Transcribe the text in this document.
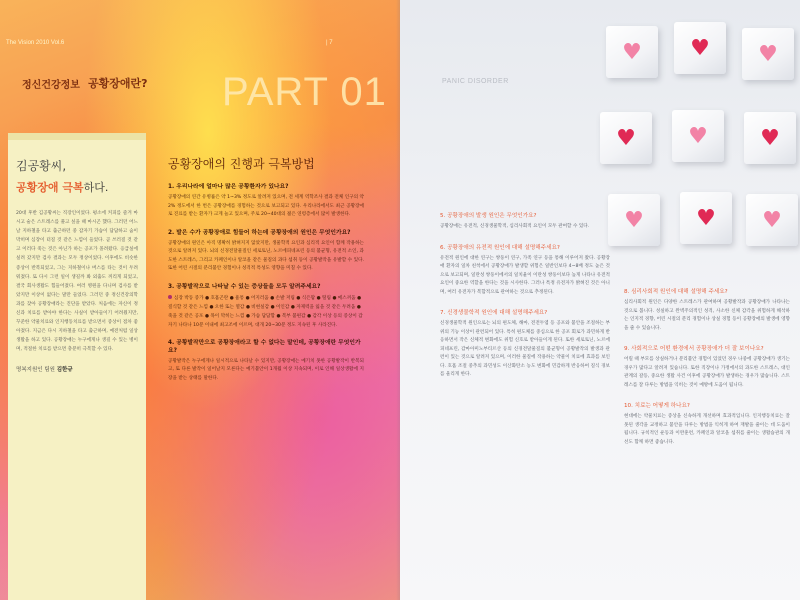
The Vision 2010 Vol.6	| 7
정신건강정보 공황장애란? PART 01
김공황씨,
공황장애 극복하다.
20대 후반 김공황씨는 직장인이었다. 평소에 커피를 즐겨 마시고 술은 스트레스를 풀고 싶을 때 마시곤 했다. 그러던 어느 날 지하철을 타고 출근하던 중 갑자기 가슴이 답답하고 숨이 막히며 심장이 터질 것 같은 느낌이 들었다. 곧 쓰러질 것 같고 이러다 죽는 것은 아닌가 하는 공포가 몰려왔다. 응급실에 실려 갔지만 검사 결과는 모두 정상이었다. 이후에도 비슷한 증상이 반복되었고, 그는 지하철이나 버스를 타는 것이 두려워졌다. 또 다시 그런 일이 생길까 봐 외출도 꺼리게 되었고, 결국 회사생활도 힘들어졌다. 여러 병원을 다니며 검사를 받았지만 이상이 없다는 말만 들었다. 그러던 중 정신건강의학과를 찾아 공황장애라는 진단을 받았다. 처음에는 자신이 정신과 치료를 받아야 한다는 사실이 받아들이기 어려웠지만, 꾸준한 약물치료와 인지행동치료를 받으면서 증상이 점차 좋아졌다. 지금은 다시 지하철을 타고 출근하며, 예전처럼 일상생활을 하고 있다. 공황장애는 누구에게나 생길 수 있는 병이며, 적절한 치료를 받으면 충분히 극복할 수 있다.
명복지원인 팀원 김한규
공황장애의 진행과 극복방법
1. 우리나라에 얼마나 많은 공황환자가 있나요?
공황장애의 연간 유병률은 약 1~3% 정도로 알려져 있으며, 전 세계 역학조사 결과 전체 인구의 약 2% 정도에서 한 번은 공황장애를 경험하는 것으로 보고되고 있다. 우리나라에서도 최근 공황장애로 진료를 받는 환자가 크게 늘고 있으며, 주로 20~40대의 젊은 연령층에서 많이 발생한다.
2. 발은 수가 공황장애로 힘들어 하는데 공황장애의 원인은 무엇인가요?
공황장애의 원인은 아직 명확히 밝혀지지 않았지만, 생물학적 요인과 심리적 요인이 함께 작용하는 것으로 알려져 있다. 뇌의 신경전달물질인 세로토닌, 노르에피네프린 등의 불균형, 유전적 소인, 과도한 스트레스, 그리고 카페인이나 알코올 같은 물질의 과다 섭취 등이 공황발작을 유발할 수 있다. 또한 어린 시절의 분리불안 경험이나 성격적 특성도 영향을 미칠 수 있다.
3. 공황발작으로 나타날 수 있는 증상들을 모두 알려주세요?
심장 박동 증가 ● 호흡곤란 ● 흉통 ● 어지러움 ● 손발 저림 ● 식은땀 ● 떨림 ● 메스꺼움 ● 질식할 것 같은 느낌 ● 오한 또는 열감 ● 비현실감 ● 이인감 ● 자제력을 잃을 것 같은 두려움 ● 죽을 것 같은 공포 ● 목이 막히는 느낌 ● 가슴 답답함 ● 복부 불편감 ● 감각 이상 등의 증상이 갑자기 나타나 10분 이내에 최고조에 이르며, 대개 20~30분 정도 지속된 후 사라진다.
4. 공황발작만으로 공황장애라고 할 수 없다는 말인데, 공황장애란 무엇인가요?
공황발작은 누구에게나 일시적으로 나타날 수 있지만, 공황장애는 예기치 못한 공황발작이 반복되고, 또 다른 발작이 일어날지 모른다는 예기불안이 1개월 이상 지속되며, 이로 인해 일상생활에 지장을 받는 상태를 말한다.
PANIC DISORDER
♥ ♥ ♥
♥ ♥ ♥
♥ ♥ ♥
5. 공황장애의 발생 원인은 무엇인가요?
공황장애는 유전적, 신경생물학적, 심리사회적 요인이 모두 관여할 수 있다.
6. 공황장애의 유전적 원인에 대해 설명해주세요?
유전적 원인에 대한 연구는 쌍둥이 연구, 가족 연구 등을 통해 이루어져 왔다. 공황장애 환자의 일차 친척에서 공황장애가 발생할 위험은 일반인보다 4~8배 정도 높은 것으로 보고되며, 일란성 쌍둥이에서의 일치율이 이란성 쌍둥이보다 높게 나타나 유전적 요인이 중요한 역할을 한다는 것을 시사한다. 그러나 특정 유전자가 밝혀진 것은 아니며, 여러 유전자가 복합적으로 관여하는 것으로 추정된다.
7. 신경생물학적 원인에 대해 설명해주세요?
신경생물학적 원인으로는 뇌의 편도체, 해마, 전전두엽 등 공포와 불안을 조절하는 부위의 기능 이상이 관련되어 있다. 특히 편도체를 중심으로 한 공포 회로가 과민하게 반응하면서 작은 신체적 변화에도 위험 신호로 받아들이게 된다. 또한 세로토닌, 노르에피네프린, 감마아미노부티르산 등의 신경전달물질의 불균형이 공황발작의 발생과 관련이 있는 것으로 알려져 있으며, 이러한 물질에 작용하는 약물이 치료에 효과를 보인다. 호흡 조절 중추의 과민성도 이산화탄소 농도 변화에 민감하게 반응하여 질식 경보를 울리게 한다.
8. 심리사회적 원인에 대해 설명해 주세요?
심리사회적 원인은 다양한 스트레스가 관여하며 공황발작과 공황장애가 나타나는 것으로 봅니다. 성실하고 완벽주의적인 성격, 사소한 신체 감각을 위험하게 해석하는 인지적 경향, 어린 시절의 분리 경험이나 상실 경험 등이 공황장애의 발생에 영향을 줄 수 있습니다.
9. 사회적으로 어떤 환경에서 공황장애가 더 잘 보이나요?
어릴 때 부모를 상실하거나 분리불안 경험이 있었던 경우 나중에 공황장애가 생기는 경우가 많다고 알려져 있습니다. 또한 직장이나 가정에서의 과도한 스트레스, 대인관계의 갈등, 중요한 생활 사건 이후에 공황장애가 발생하는 경우가 많습니다. 스트레스를 잘 다루는 방법을 익히는 것이 예방에 도움이 됩니다.
10. 치료는 어떻게 하나요?
현대에는 약물치료는 증상을 신속하게 개선하며 효과적입니다. 인지행동치료는 잘못된 생각을 교정하고 불안을 다루는 방법을 익히게 하여 재발을 줄이는 데 도움이 됩니다. 규칙적인 운동과 이완훈련, 카페인과 알코올 섭취를 줄이는 생활습관의 개선도 함께 하면 좋습니다.
